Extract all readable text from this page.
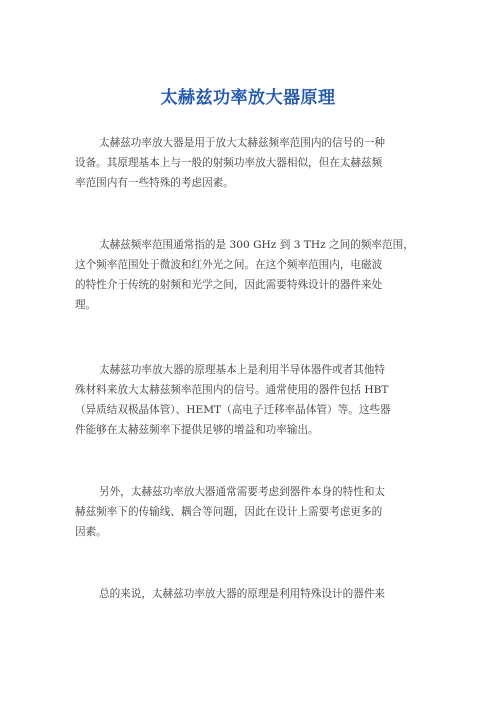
太赫兹功率放大器原理
太赫兹功率放大器是用于放大太赫兹频率范围内的信号的一种
设备。其原理基本上与一般的射频功率放大器相似，但在太赫兹频
率范围内有一些特殊的考虑因素。
太赫兹频率范围通常指的是 300 GHz 到 3 THz 之间的频率范围，
这个频率范围处于微波和红外光之间。在这个频率范围内，电磁波
的特性介于传统的射频和光学之间，因此需要特殊设计的器件来处
理。
太赫兹功率放大器的原理基本上是利用半导体器件或者其他特
殊材料来放大太赫兹频率范围内的信号。通常使用的器件包括 HBT
（异质结双极晶体管）、HEMT（高电子迁移率晶体管）等。这些器
件能够在太赫兹频率下提供足够的增益和功率输出。
另外，太赫兹功率放大器通常需要考虑到器件本身的特性和太
赫兹频率下的传输线、耦合等问题，因此在设计上需要考虑更多的
因素。
总的来说，太赫兹功率放大器的原理是利用特殊设计的器件来
